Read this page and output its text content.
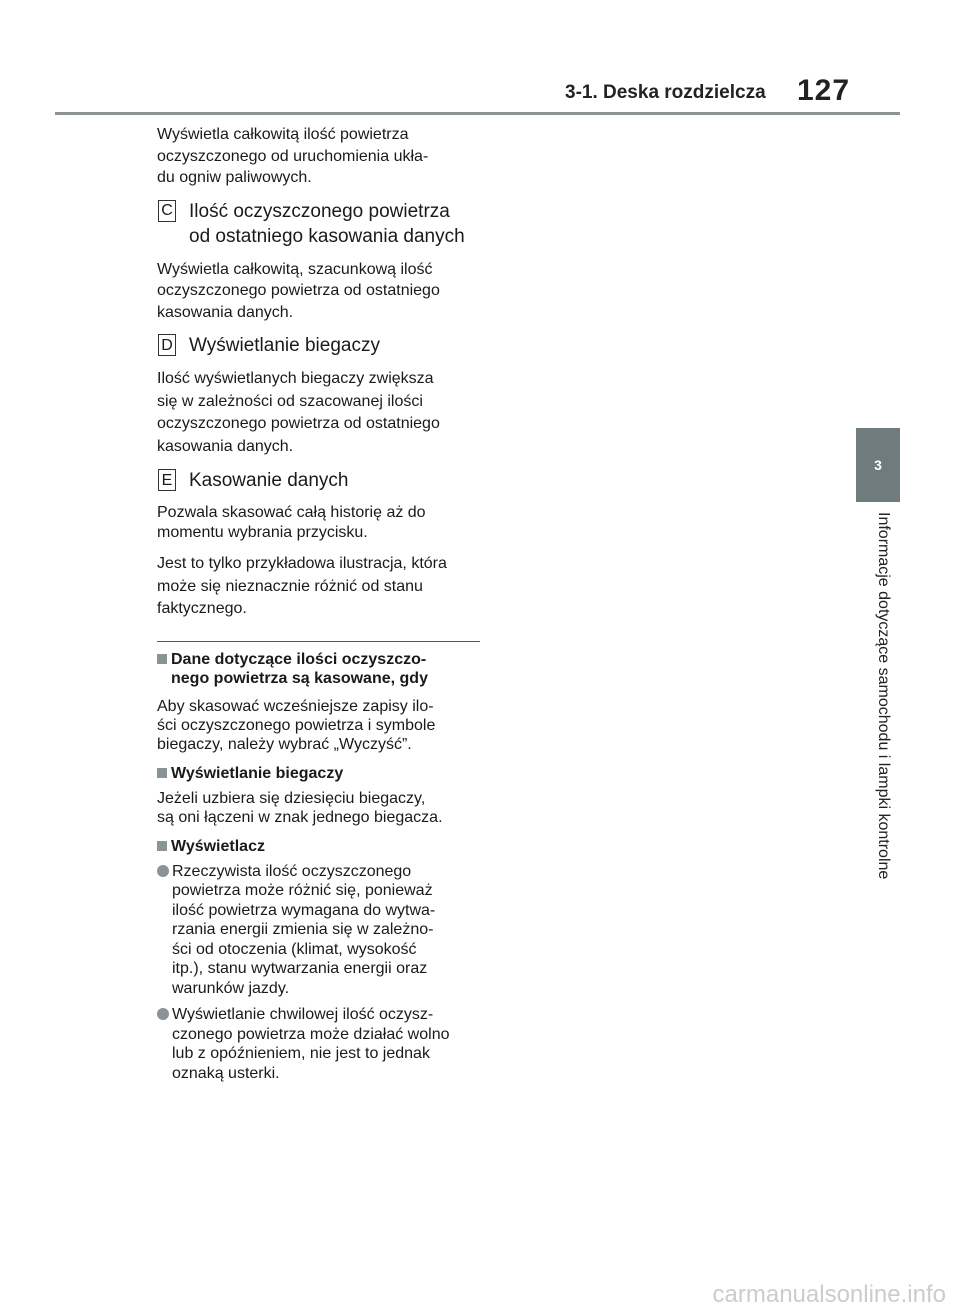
3-1. Deska rozdzielcza 127
3
Informacje dotyczące samochodu i lampki kontrolne

Wyświetla całkowitą ilość powietrza
oczyszczonego od uruchomienia ukła-
du ogniw paliwowych.

C Ilość oczyszczonego powietrza
od ostatniego kasowania danych

Wyświetla całkowitą, szacunkową ilość
oczyszczonego powietrza od ostatniego
kasowania danych.

D Wyświetlanie biegaczy

Ilość wyświetlanych biegaczy zwiększa
się w zależności od szacowanej ilości
oczyszczonego powietrza od ostatniego
kasowania danych.

E Kasowanie danych

Pozwala skasować całą historię aż do
momentu wybrania przycisku.

Jest to tylko przykładowa ilustracja, która
może się nieznacznie różnić od stanu
faktycznego.

Dane dotyczące ilości oczyszczo-
nego powietrza są kasowane, gdy

Aby skasować wcześniejsze zapisy ilo-
ści oczyszczonego powietrza i symbole
biegaczy, należy wybrać „Wyczyść”.

Wyświetlanie biegaczy

Jeżeli uzbiera się dziesięciu biegaczy,
są oni łączeni w znak jednego biegacza.

Wyświetlacz
Rzeczywista ilość oczyszczonego
powietrza może różnić się, ponieważ
ilość powietrza wymagana do wytwa-
rzania energii zmienia się w zależno-
ści od otoczenia (klimat, wysokość
itp.), stanu wytwarzania energii oraz
warunków jazdy.
Wyświetlanie chwilowej ilość oczysz-
czonego powietrza może działać wolno
lub z opóźnieniem, nie jest to jednak
oznaką usterki.
carmanualsonline.info
